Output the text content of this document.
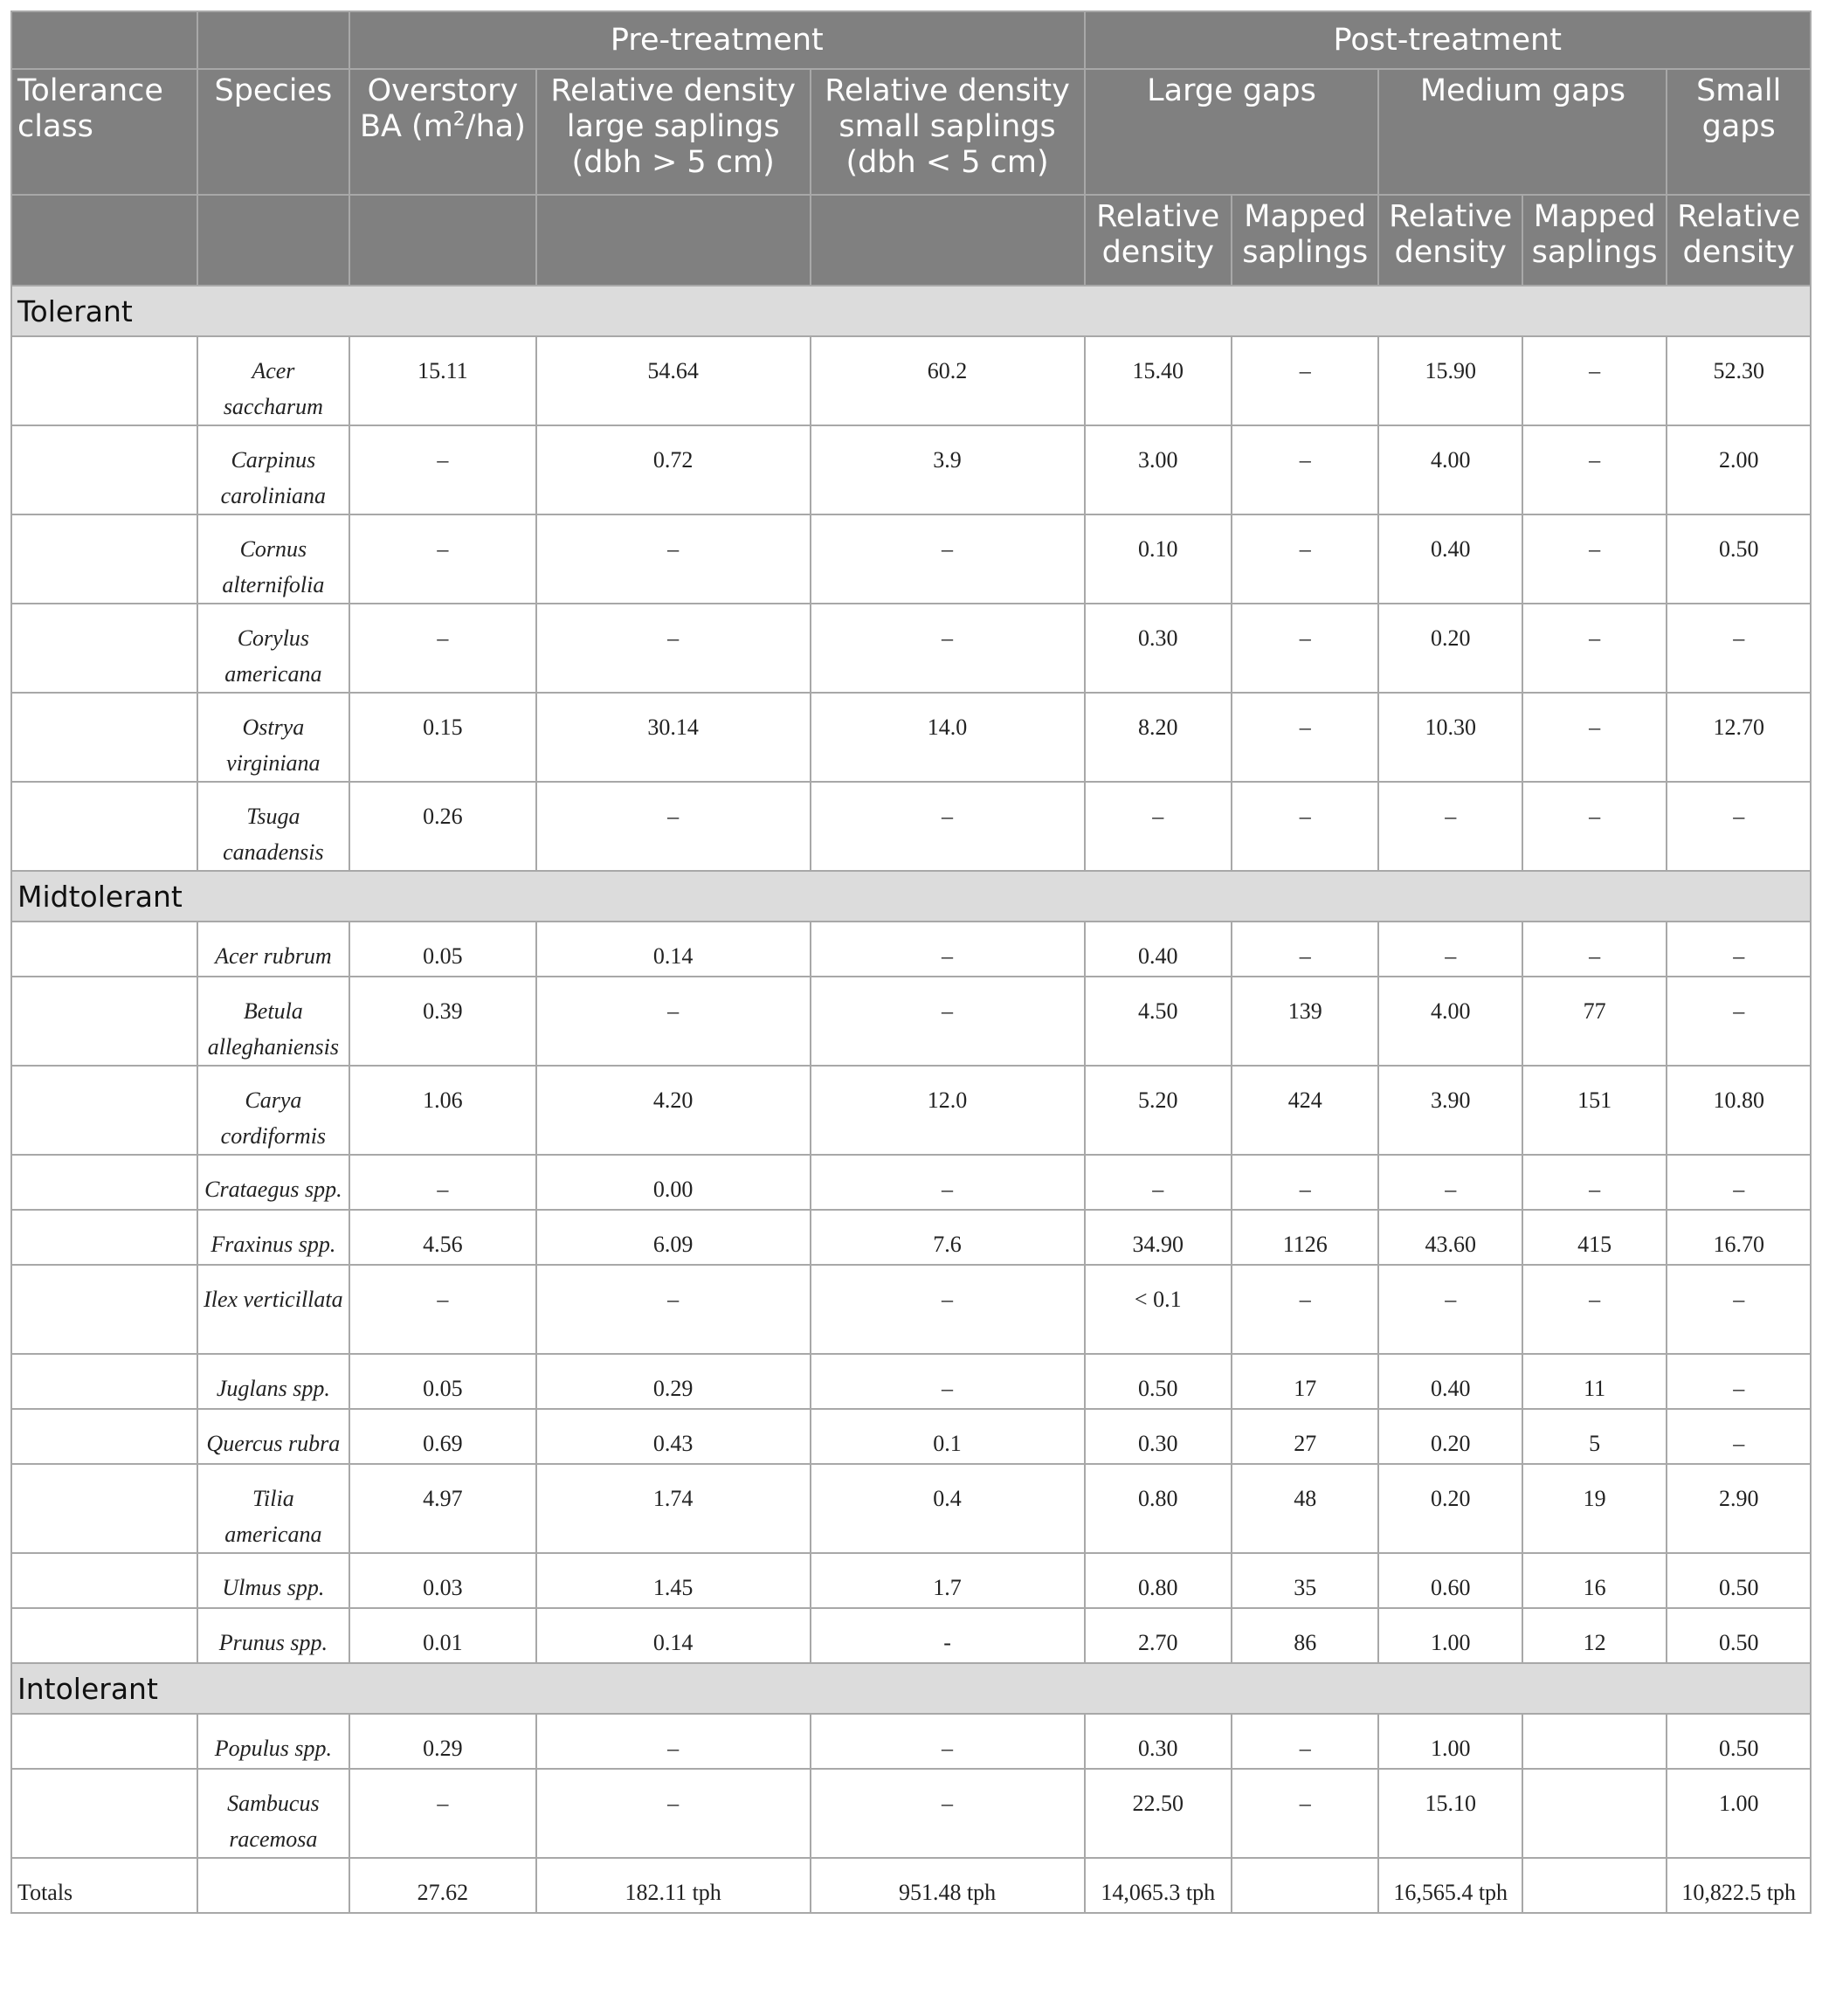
		Pre-treatment			Post-treatment				
Tolerance class	Species	Overstory BA $(m^2/ha)$	Relative density large saplings (dbh > 5 cm)	Relative density small saplings (dbh < 5 cm)	Large gaps		Medium gaps		Small gaps
					Relative density	Mapped saplings	Relative density	Mapped saplings	Relative density
Tolerant									
	Acer saccharum	15.11	54.64	60.2	15.40	–	15.90	–	52.30
	Carpinus caroliniana	–	0.72	3.9	3.00	–	4.00	–	2.00
	Cornus alternifolia	–	–	–	0.10	–	0.40	–	0.50
	Corylus americana	–	–	–	0.30	–	0.20	–	–
	Ostrya virginiana	0.15	30.14	14.0	8.20	–	10.30	–	12.70
	Tsuga canadensis	0.26	–	–	–	–	–	–	–
Midtolerant									
	Acer rubrum	0.05	0.14	–	0.40	–	–	–	–
	Betula alleghaniensis	0.39	–	–	4.50	139	4.00	77	–
	Carya cordiformis	1.06	4.20	12.0	5.20	424	3.90	151	10.80
	Crataegus spp.	–	0.00	–	–	–	–	–	–
	Fraxinus spp.	4.56	6.09	7.6	34.90	1126	43.60	415	16.70
	Ilex verticillata	–	–	–	< 0.1	–	–	–	–
	Juglans spp.	0.05	0.29	–	0.50	17	0.40	11	–
	Quercus rubra	0.69	0.43	0.1	0.30	27	0.20	5	–
	Tilia americana	4.97	1.74	0.4	0.80	48	0.20	19	2.90
	Ulmus spp.	0.03	1.45	1.7	0.80	35	0.60	16	0.50
	Prunus spp.	0.01	0.14	-	2.70	86	1.00	12	0.50
Intolerant									
	Populus spp.	0.29	–	–	0.30	–	1.00		0.50
	Sambucus racemosa	–	–	–	22.50	–	15.10		1.00
Totals		27.62	182.11 tph	951.48 tph	14,065.3 tph		16,565.4 tph		10,822.5 tph
